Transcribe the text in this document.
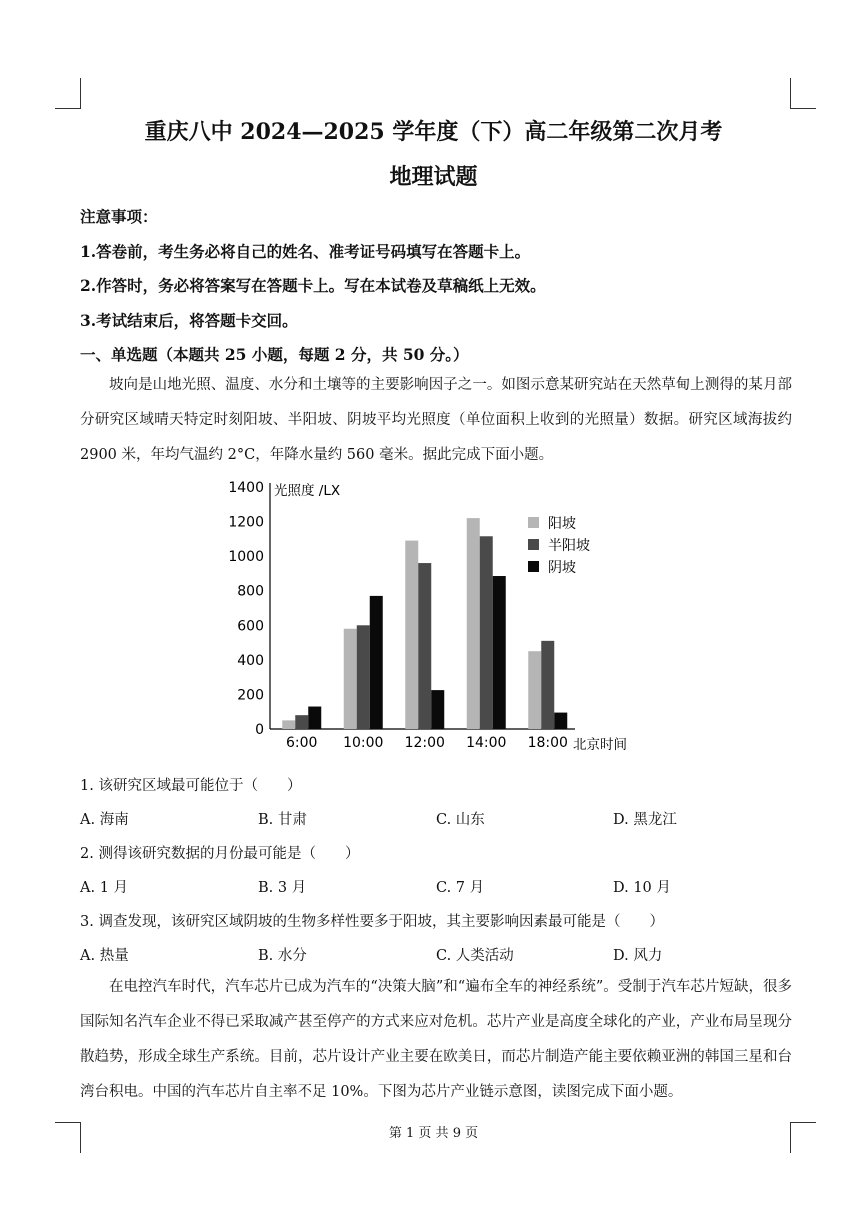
重庆八中 2024—2025 学年度（下）高二年级第二次月考
地理试题
注意事项：
1.答卷前，考生务必将自己的姓名、准考证号码填写在答题卡上。
2.作答时，务必将答案写在答题卡上。写在本试卷及草稿纸上无效。
3.考试结束后，将答题卡交回。
一、单选题（本题共 25 小题，每题 2 分，共 50 分。）
坡向是山地光照、温度、水分和土壤等的主要影响因子之一。如图示意某研究站在天然草甸上测得的某月部分研究区域晴天特定时刻阳坡、半阳坡、阴坡平均光照度（单位面积上收到的光照量）数据。研究区域海拔约 2900 米，年均气温约 2°C，年降水量约 560 毫米。据此完成下面小题。
0
200
400
600
800
1000
1200
1400 光照度 /LX
6:00 10:00 12:00 14:00 18:00 北京时间
阳坡
半阳坡
阴坡
1. 该研究区域最可能位于（　　）
A. 海南	B. 甘肃	C. 山东	D. 黑龙江
2. 测得该研究数据的月份最可能是（　　）
A. 1 月	B. 3 月	C. 7 月	D. 10 月
3. 调查发现，该研究区域阴坡的生物多样性要多于阳坡，其主要影响因素最可能是（　　）
A. 热量	B. 水分	C. 人类活动	D. 风力
在电控汽车时代，汽车芯片已成为汽车的“决策大脑”和“遍布全车的神经系统”。受制于汽车芯片短缺，很多国际知名汽车企业不得已采取减产甚至停产的方式来应对危机。芯片产业是高度全球化的产业，产业布局呈现分散趋势，形成全球生产系统。目前，芯片设计产业主要在欧美日，而芯片制造产能主要依赖亚洲的韩国三星和台湾台积电。中国的汽车芯片自主率不足 10%。下图为芯片产业链示意图，读图完成下面小题。
第 1 页 共 9 页
